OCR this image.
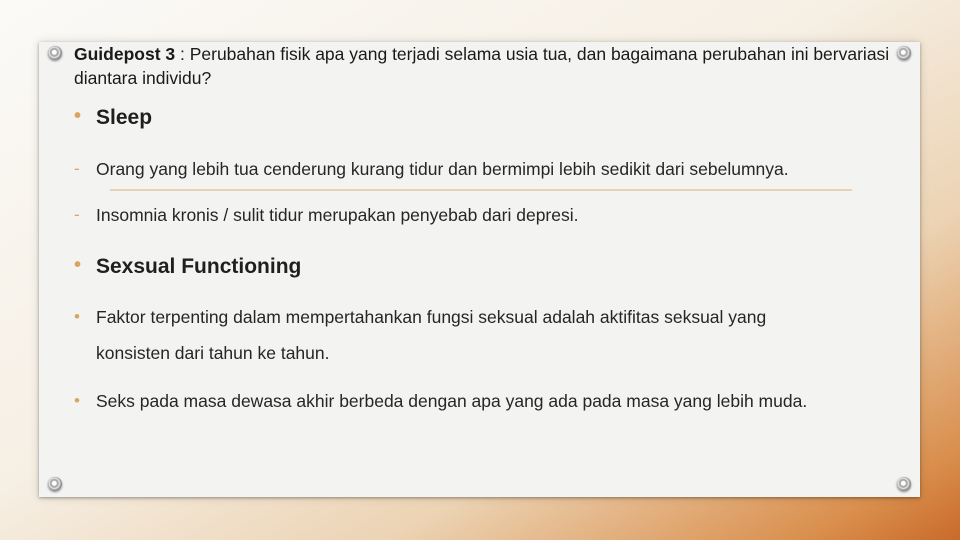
Guidepost 3 : Perubahan fisik apa yang terjadi selama usia tua, dan bagaimana perubahan ini bervariasi diantara individu?
• Sleep
- Orang yang lebih tua cenderung kurang tidur dan bermimpi lebih sedikit dari sebelumnya.
- Insomnia kronis / sulit tidur merupakan penyebab dari depresi.
• Sexsual Functioning
• Faktor terpenting dalam mempertahankan fungsi seksual adalah aktifitas seksual yang
konsisten dari tahun ke tahun.
• Seks pada masa dewasa akhir berbeda dengan apa yang ada pada masa yang lebih muda.
